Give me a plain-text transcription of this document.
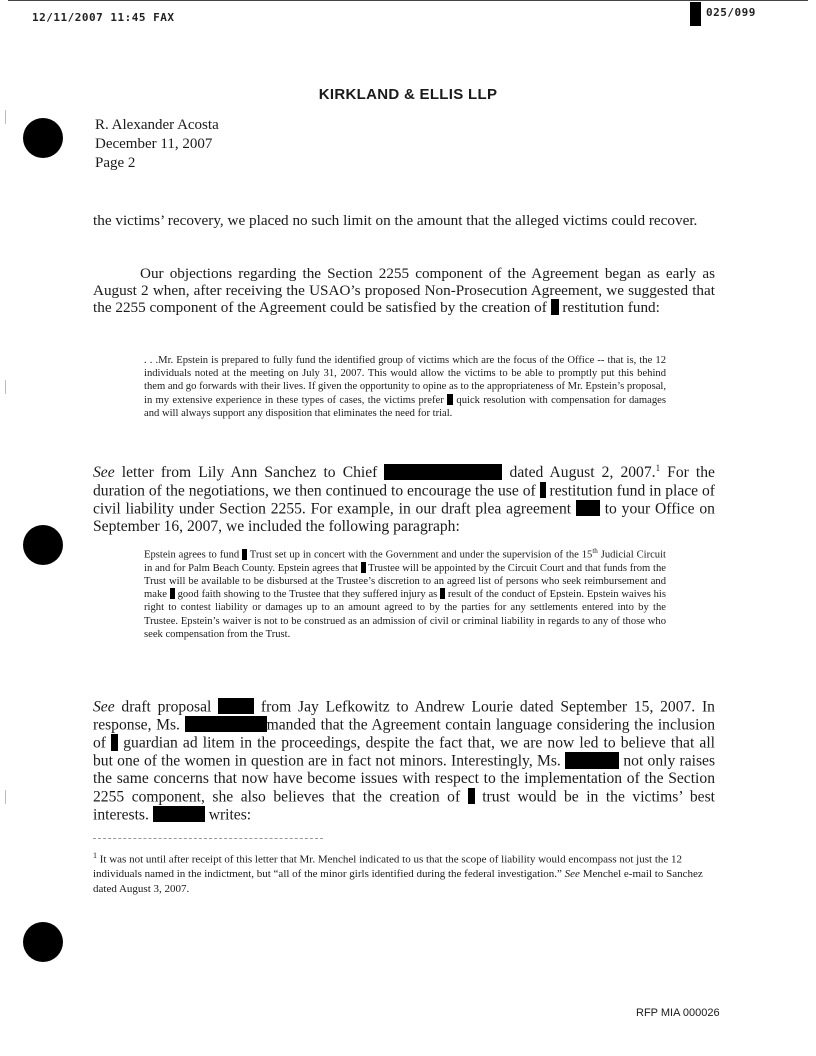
12/11/2007 11:45 FAX	025/099
KIRKLAND & ELLIS LLP
R. Alexander Acosta
December 11, 2007
Page 2
the victims’ recovery, we placed no such limit on the amount that the alleged victims could recover.
Our objections regarding the Section 2255 component of the Agreement began as early as August 2 when, after receiving the USAO’s proposed Non-Prosecution Agreement, we suggested that the 2255 component of the Agreement could be satisfied by the creation of restitution fund:
. . .Mr. Epstein is prepared to fully fund the identified group of victims which are the focus of the Office -- that is, the 12 individuals noted at the meeting on July 31, 2007. This would allow the victims to be able to promptly put this behind them and go forwards with their lives. If given the opportunity to opine as to the appropriateness of Mr. Epstein’s proposal, in my extensive experience in these types of cases, the victims prefer quick resolution with compensation for damages and will always support any disposition that eliminates the need for trial.
See letter from Lily Ann Sanchez to Chief	dated August 2, 2007.$^1$ For the duration of the negotiations, we then continued to encourage the use of restitution fund in place of civil liability under Section 2255. For example, in our draft plea agreement to your Office on September 16, 2007, we included the following paragraph:
Epstein agrees to fund Trust set up in concert with the Government and under the supervision of the 15th Judicial Circuit in and for Palm Beach County. Epstein agrees that Trustee will be appointed by the Circuit Court and that funds from the Trust will be available to be disbursed at the Trustee’s discretion to an agreed list of persons who seek reimbursement and make good faith showing to the Trustee that they suffered injury as result of the conduct of Epstein. Epstein waives his right to contest liability or damages up to an amount agreed to by the parties for any settlements entered into by the Trustee. Epstein’s waiver is not to be construed as an admission of civil or criminal liability in regards to any of those who seek compensation from the Trust.
See draft proposal	from Jay Lefkowitz to Andrew Lourie dated September 15, 2007. In response, Ms.	manded that the Agreement contain language considering the inclusion of guardian ad litem in the proceedings, despite the fact that, we are now led to believe that all but one of the women in question are in fact not minors. Interestingly, Ms.	not only raises the same concerns that now have become issues with respect to the implementation of the Section 2255 component, she also believes that the creation of trust would be in the victims’ best interests.	writes:
$^1$ It was not until after receipt of this letter that Mr. Menchel indicated to us that the scope of liability would encompass not just the 12 individuals named in the indictment, but “all of the minor girls identified during the federal investigation.” See Menchel e-mail to Sanchez dated August 3, 2007.
RFP MIA 000026
